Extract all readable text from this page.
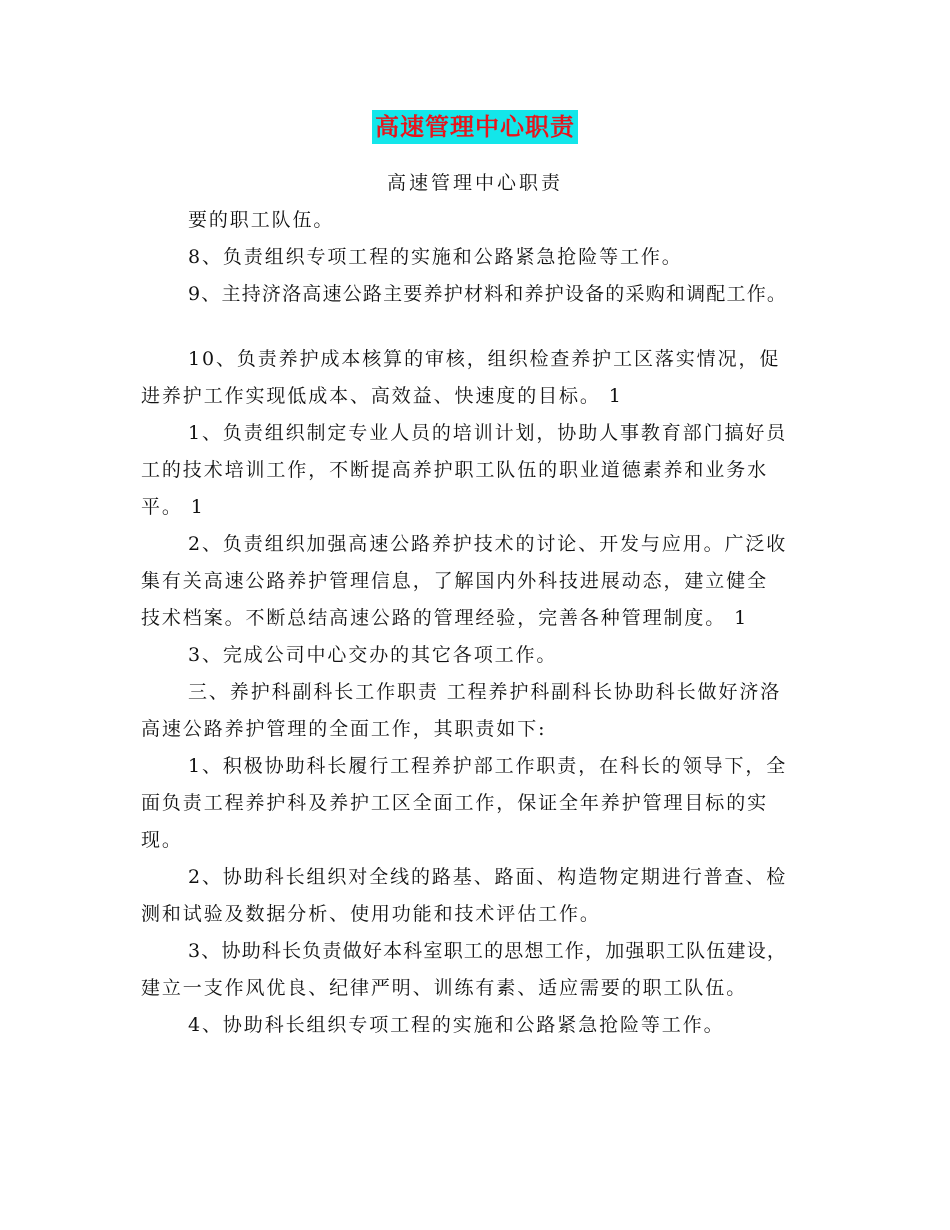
高速管理中心职责
高速管理中心职责

要的职工队伍。

8、负责组织专项工程的实施和公路紧急抢险等工作。

9、主持济洛高速公路主要养护材料和养护设备的采购和调配工作。

10、负责养护成本核算的审核，组织检查养护工区落实情况，促
进养护工作实现低成本、高效益、快速度的目标。 1

1、负责组织制定专业人员的培训计划，协助人事教育部门搞好员
工的技术培训工作，不断提高养护职工队伍的职业道德素养和业务水
平。 1

2、负责组织加强高速公路养护技术的讨论、开发与应用。广泛收
集有关高速公路养护管理信息，了解国内外科技进展动态，建立健全
技术档案。不断总结高速公路的管理经验，完善各种管理制度。 1

3、完成公司中心交办的其它各项工作。

三、养护科副科长工作职责 工程养护科副科长协助科长做好济洛
高速公路养护管理的全面工作，其职责如下:

1、积极协助科长履行工程养护部工作职责，在科长的领导下，全
面负责工程养护科及养护工区全面工作，保证全年养护管理目标的实
现。

2、协助科长组织对全线的路基、路面、构造物定期进行普查、检
测和试验及数据分析、使用功能和技术评估工作。

3、协助科长负责做好本科室职工的思想工作，加强职工队伍建设，
建立一支作风优良、纪律严明、训练有素、适应需要的职工队伍。

4、协助科长组织专项工程的实施和公路紧急抢险等工作。
